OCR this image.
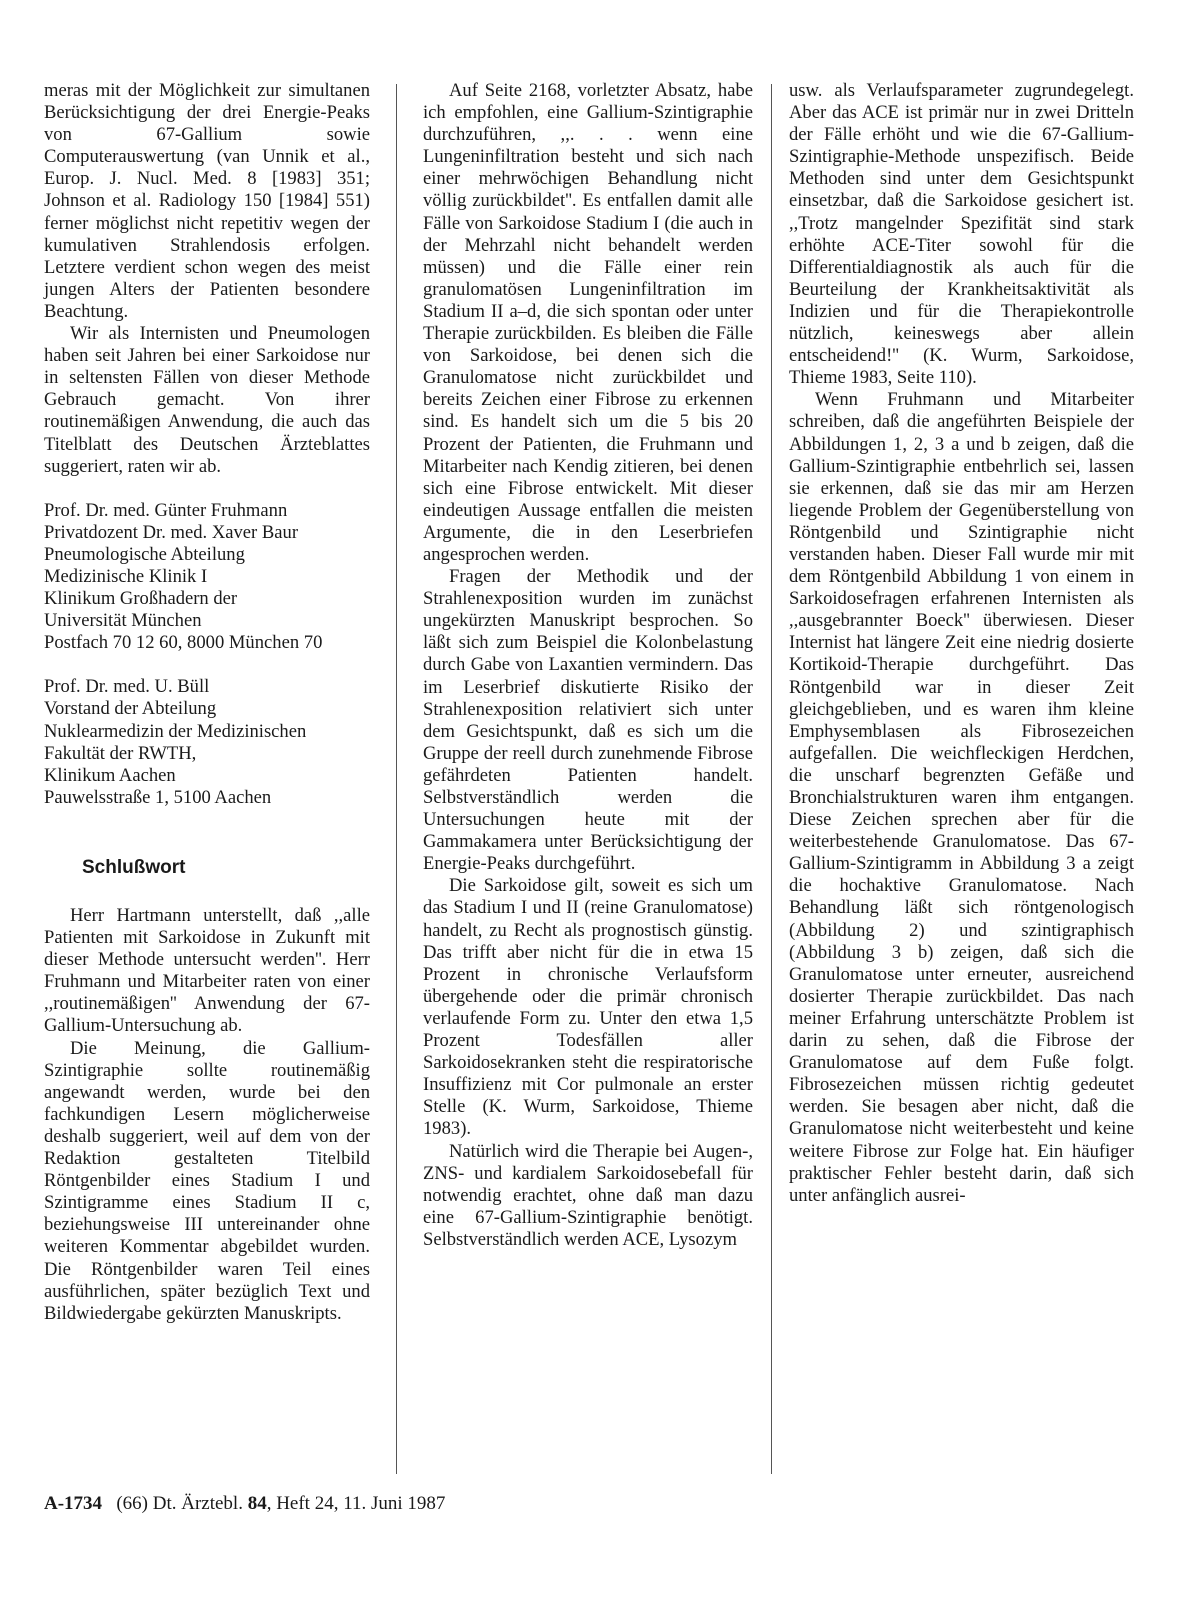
meras mit der Möglichkeit zur simultanen Berücksichtigung der drei Energie-Peaks von 67-Gallium sowie Computerauswertung (van Unnik et al., Europ. J. Nucl. Med. 8 [1983] 351; Johnson et al. Radiology 150 [1984] 551) ferner möglichst nicht repetitiv wegen der kumulativen Strahlendosis erfolgen. Letztere verdient schon wegen des meist jungen Alters der Patienten besondere Beachtung.

Wir als Internisten und Pneumologen haben seit Jahren bei einer Sarkoidose nur in seltensten Fällen von dieser Methode Gebrauch gemacht. Von ihrer routinemäßigen Anwendung, die auch das Titelblatt des Deutschen Ärzteblattes suggeriert, raten wir ab.

Prof. Dr. med. Günter Fruhmann
Privatdozent Dr. med. Xaver Baur
Pneumologische Abteilung
Medizinische Klinik I
Klinikum Großhadern der
Universität München
Postfach 70 12 60, 8000 München 70
Prof. Dr. med. U. Büll
Vorstand der Abteilung
Nuklearmedizin der Medizinischen
Fakultät der RWTH,
Klinikum Aachen
Pauwelsstraße 1, 5100 Aachen
Schlußwort

Herr Hartmann unterstellt, daß ,,alle Patienten mit Sarkoidose in Zukunft mit dieser Methode untersucht werden''. Herr Fruhmann und Mitarbeiter raten von einer ,,routinemäßigen'' Anwendung der 67-Gallium-Untersuchung ab.

Die Meinung, die Gallium-Szintigraphie sollte routinemäßig angewandt werden, wurde bei den fachkundigen Lesern möglicherweise deshalb suggeriert, weil auf dem von der Redaktion gestalteten Titelbild Röntgenbilder eines Stadium I und Szintigramme eines Stadium II c, beziehungsweise III untereinander ohne weiteren Kommentar abgebildet wurden. Die Röntgenbilder waren Teil eines ausführlichen, später bezüglich Text und Bildwiedergabe gekürzten Manuskripts.

Auf Seite 2168, vorletzter Absatz, habe ich empfohlen, eine Gallium-Szintigraphie durchzuführen, ,,. . . wenn eine Lungeninfiltration besteht und sich nach einer mehrwöchigen Behandlung nicht völlig zurückbildet''. Es entfallen damit alle Fälle von Sarkoidose Stadium I (die auch in der Mehrzahl nicht behandelt werden müssen) und die Fälle einer rein granulomatösen Lungeninfiltration im Stadium II a–d, die sich spontan oder unter Therapie zurückbilden. Es bleiben die Fälle von Sarkoidose, bei denen sich die Granulomatose nicht zurückbildet und bereits Zeichen einer Fibrose zu erkennen sind. Es handelt sich um die 5 bis 20 Prozent der Patienten, die Fruhmann und Mitarbeiter nach Kendig zitieren, bei denen sich eine Fibrose entwickelt. Mit dieser eindeutigen Aussage entfallen die meisten Argumente, die in den Leserbriefen angesprochen werden.

Fragen der Methodik und der Strahlenexposition wurden im zunächst ungekürzten Manuskript besprochen. So läßt sich zum Beispiel die Kolonbelastung durch Gabe von Laxantien vermindern. Das im Leserbrief diskutierte Risiko der Strahlenexposition relativiert sich unter dem Gesichtspunkt, daß es sich um die Gruppe der reell durch zunehmende Fibrose gefährdeten Patienten handelt. Selbstverständlich werden die Untersuchungen heute mit der Gammakamera unter Berücksichtigung der Energie-Peaks durchgeführt.

Die Sarkoidose gilt, soweit es sich um das Stadium I und II (reine Granulomatose) handelt, zu Recht als prognostisch günstig. Das trifft aber nicht für die in etwa 15 Prozent in chronische Verlaufsform übergehende oder die primär chronisch verlaufende Form zu. Unter den etwa 1,5 Prozent Todesfällen aller Sarkoidosekranken steht die respiratorische Insuffizienz mit Cor pulmonale an erster Stelle (K. Wurm, Sarkoidose, Thieme 1983).

Natürlich wird die Therapie bei Augen-, ZNS- und kardialem Sarkoidosebefall für notwendig erachtet, ohne daß man dazu eine 67-Gallium-Szintigraphie benötigt. Selbstverständlich werden ACE, Lysozym

usw. als Verlaufsparameter zugrundegelegt. Aber das ACE ist primär nur in zwei Dritteln der Fälle erhöht und wie die 67-Gallium-Szintigraphie-Methode unspezifisch. Beide Methoden sind unter dem Gesichtspunkt einsetzbar, daß die Sarkoidose gesichert ist. ,,Trotz mangelnder Spezifität sind stark erhöhte ACE-Titer sowohl für die Differentialdiagnostik als auch für die Beurteilung der Krankheitsaktivität als Indizien und für die Therapiekontrolle nützlich, keineswegs aber allein entscheidend!'' (K. Wurm, Sarkoidose, Thieme 1983, Seite 110).

Wenn Fruhmann und Mitarbeiter schreiben, daß die angeführten Beispiele der Abbildungen 1, 2, 3 a und b zeigen, daß die Gallium-Szintigraphie entbehrlich sei, lassen sie erkennen, daß sie das mir am Herzen liegende Problem der Gegenüberstellung von Röntgenbild und Szintigraphie nicht verstanden haben. Dieser Fall wurde mir mit dem Röntgenbild Abbildung 1 von einem in Sarkoidosefragen erfahrenen Internisten als ,,ausgebrannter Boeck'' überwiesen. Dieser Internist hat längere Zeit eine niedrig dosierte Kortikoid-Therapie durchgeführt. Das Röntgenbild war in dieser Zeit gleichgeblieben, und es waren ihm kleine Emphysemblasen als Fibrosezeichen aufgefallen. Die weichfleckigen Herdchen, die unscharf begrenzten Gefäße und Bronchialstrukturen waren ihm entgangen. Diese Zeichen sprechen aber für die weiterbestehende Granulomatose. Das 67-Gallium-Szintigramm in Abbildung 3 a zeigt die hochaktive Granulomatose. Nach Behandlung läßt sich röntgenologisch (Abbildung 2) und szintigraphisch (Abbildung 3 b) zeigen, daß sich die Granulomatose unter erneuter, ausreichend dosierter Therapie zurückbildet. Das nach meiner Erfahrung unterschätzte Problem ist darin zu sehen, daß die Fibrose der Granulomatose auf dem Fuße folgt. Fibrosezeichen müssen richtig gedeutet werden. Sie besagen aber nicht, daß die Granulomatose nicht weiterbesteht und keine weitere Fibrose zur Folge hat. Ein häufiger praktischer Fehler besteht darin, daß sich unter anfänglich ausrei-

A-1734 (66) Dt. Ärztebl. 84, Heft 24, 11. Juni 1987
